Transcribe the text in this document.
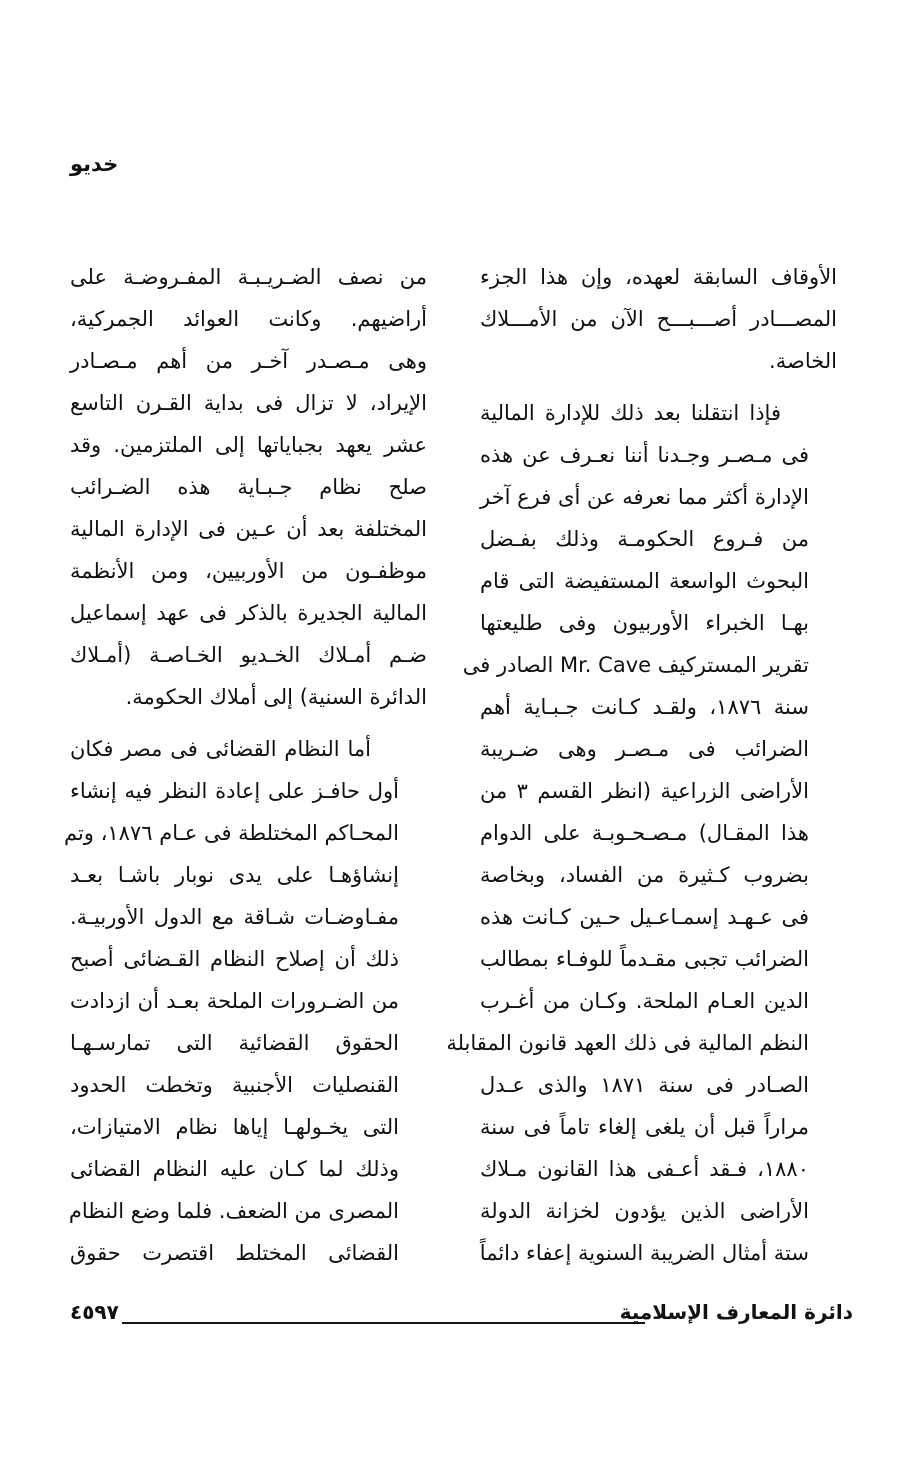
خديو

الأوقاف السابقة لعهده، وإن هذا الجزء
المصـــادر أصـــبـــح الآن من الأمـــلاك
الخاصة.

فإذا انتقلنا بعد ذلك للإدارة المالية
فى مـصـر وجـدنا أننا نعـرف عن هذه
الإدارة أكثر مما نعرفه عن أى فرع آخر
من فـروع الحكومـة وذلك بفـضل
البحوث الواسعة المستفيضة التى قام
بهـا الخبراء الأوربيون وفى طليعتها
تقرير المستركيف Mr. Cave الصادر فى
سنة ١٨٧٦، ولقـد كـانت جـبـاية أهم
الضرائب فى مـصـر وهى ضـريبة
الأراضى الزراعية (انظر القسم ٣ من
هذا المقـال) مـصـحـوبـة على الدوام
بضروب كـثيرة من الفساد، وبخاصة
فى عـهـد إسمـاعـيل حـين كـانت هذه
الضرائب تجبى مقـدماً للوفـاء بمطالب
الدين العـام الملحة. وكـان من أغـرب
النظم المالية فى ذلك العهد قانون المقابلة
الصـادر فى سنة ١٨٧١ والذى عـدل
مراراً قبل أن يلغى إلغاء تاماً فى سنة
١٨٨٠، فـقد أعـفى هذا القانون مـلاك
الأراضى الذين يؤدون لخزانة الدولة
ستة أمثال الضريبة السنوية إعفاء دائماً

من نصف الضـريـبـة المفـروضـة على
أراضيهم. وكانت العوائد الجمركية،
وهى مـصـدر آخـر من أهم مـصـادر
الإيراد، لا تزال فى بداية القـرن التاسع
عشر يعهد بجباياتها إلى الملتزمين. وقد
صلح نظام جـبـاية هذه الضـرائب
المختلفة بعد أن عـين فى الإدارة المالية
موظفـون من الأوربيين، ومن الأنظمة
المالية الجديرة بالذكر فى عهد إسماعيل
ضـم أمـلاك الخـديو الخـاصـة (أمـلاك
الدائرة السنية) إلى أملاك الحكومة.

أما النظام القضائى فى مصر فكان
أول حافـز على إعادة النظر فيه إنشاء
المحـاكم المختلطة فى عـام ١٨٧٦، وتم
إنشاؤهـا على يدى نوبار باشـا بعـد
مفـاوضـات شـاقة مع الدول الأوربيـة.
ذلك أن إصلاح النظام القـضائى أصبح
من الضـرورات الملحة بعـد أن ازدادت
الحقوق القضائية التى تمارسـهـا
القنصليات الأجنبية وتخطت الحدود
التى يخـولهـا إياها نظام الامتيازات،
وذلك لما كـان عليه النظام القضائى
المصرى من الضعف. فلما وضع النظام
القضائى المختلط اقتصرت حقوق

دائرة المعارف الإسلامية
٤٥٩٧
